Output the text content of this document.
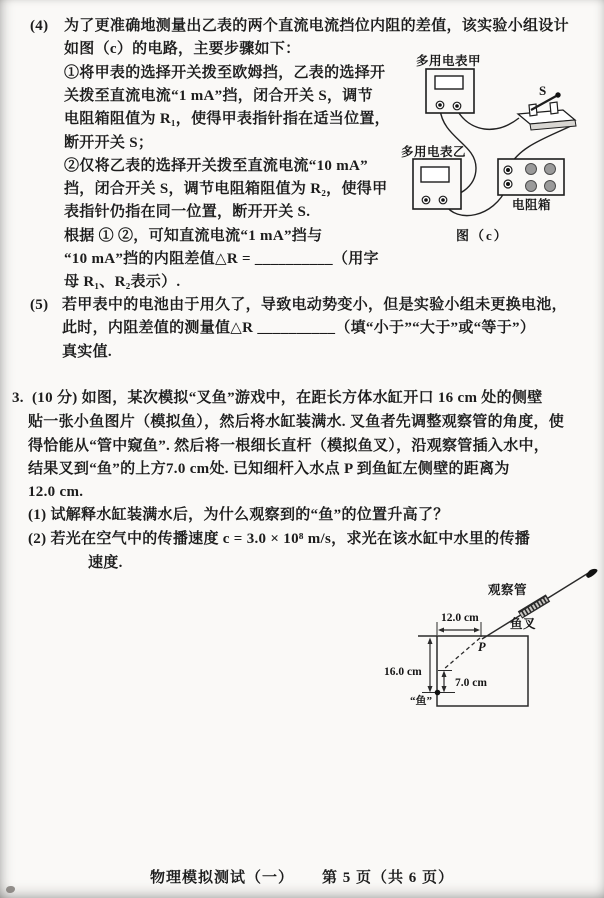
(4) 为了更准确地测量出乙表的两个直流电流挡位内阻的差值，该实验小组设计
如图（c）的电路，主要步骤如下：
①将甲表的选择开关拨至欧姆挡，乙表的选择开
关拨至直流电流“1 mA”挡，闭合开关 S，调节
电阻箱阻值为 R₁，使得甲表指针指在适当位置，
断开开关 S；
②仅将乙表的选择开关拨至直流电流“10 mA”
挡，闭合开关 S，调节电阻箱阻值为 R₂，使得甲
表指针仍指在同一位置，断开开关 S.
根据 ① ②，可知直流电流“1 mA”挡与
“10 mA”挡的内阻差值△R = __________（用字
母 R₁、R₂表示）.
多用电表甲
多用电表乙
电阻箱
图（c）
S
(5) 若甲表中的电池由于用久了，导致电动势变小，但是实验小组未更换电池，
此时，内阻差值的测量值△R __________（填“小于”“大于”或“等于”）
真实值.
3. (10 分) 如图，某次模拟“叉鱼”游戏中，在距长方体水缸开口 16 cm 处的侧壁
贴一张小鱼图片（模拟鱼），然后将水缸装满水. 叉鱼者先调整观察管的角度，使
得恰能从“管中窥鱼”. 然后将一根细长直杆（模拟鱼叉），沿观察管插入水中，
结果叉到“鱼”的上方7.0 cm处. 已知细杆入水点 P 到鱼缸左侧壁的距离为
12.0 cm.
(1) 试解释水缸装满水后，为什么观察到的“鱼”的位置升高了？
(2) 若光在空气中的传播速度 c = 3.0 × 10⁸ m/s，求光在该水缸中水里的传播
速度.
观察管
鱼叉
12.0 cm
P
16.0 cm
7.0 cm
“鱼”
物理模拟测试（一） 第 5 页（共 6 页）
